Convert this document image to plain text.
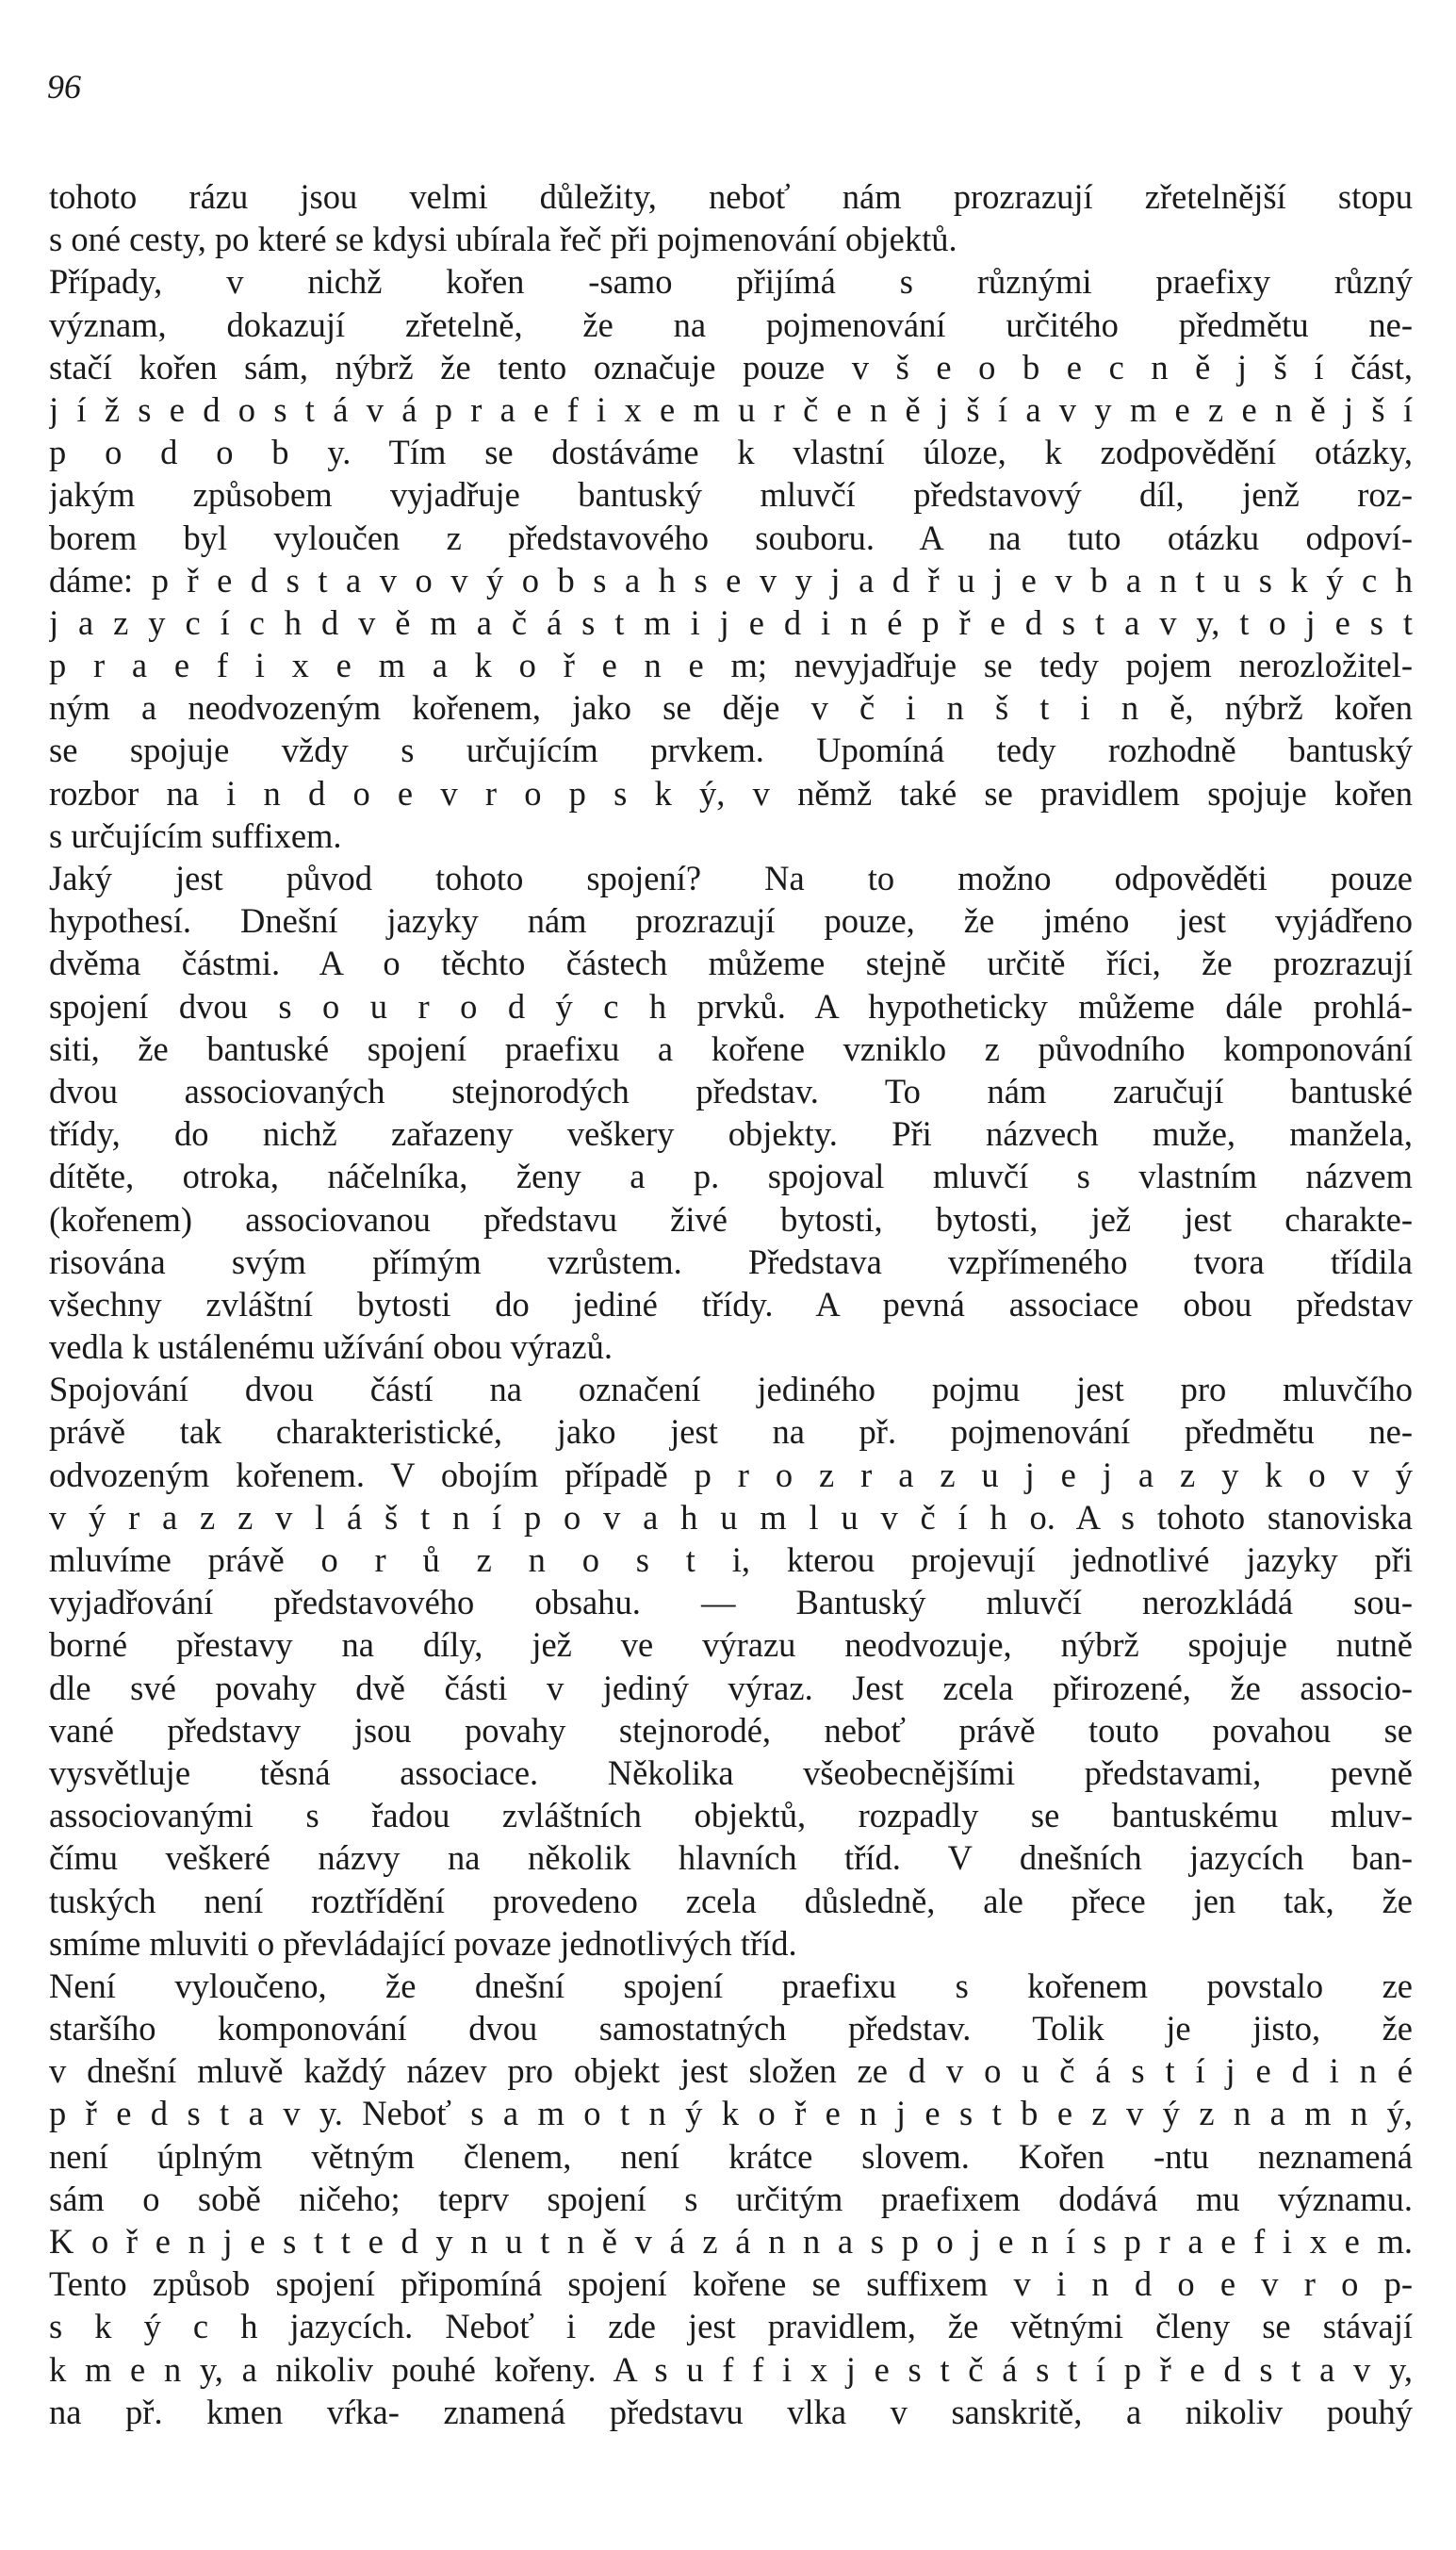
96
tohoto rázu jsou velmi důležity, neboť nám prozrazují zřetelnější stopu
s oné cesty, po které se kdysi ubírala řeč při pojmenování objektů.
Případy, v nichž kořen -samo přijímá s různými praefixy různý
význam, dokazují zřetelně, že na pojmenování určitého předmětu ne-
stačí kořen sám, nýbrž že tento označuje pouze v š e o b e c n ě j š í část,
j í ž s e d o s t á v á p r a e f i x e m u r č e n ě j š í a v y m e z e n ě j š í
p o d o b y. Tím se dostáváme k vlastní úloze, k zodpovědění otázky,
jakým způsobem vyjadřuje bantuský mluvčí představový díl, jenž roz-
borem byl vyloučen z představového souboru. A na tuto otázku odpoví-
dáme: p ř e d s t a v o v ý o b s a h s e v y j a d ř u j e v b a n t u s k ý c h
j a z y c í c h d v ě m a č á s t m i j e d i n é p ř e d s t a v y, t o j e s t
p r a e f i x e m a k o ř e n e m; nevyjadřuje se tedy pojem nerozložitel-
ným a neodvozeným kořenem, jako se děje v č i n š t i n ě, nýbrž kořen
se spojuje vždy s určujícím prvkem. Upomíná tedy rozhodně bantuský
rozbor na i n d o e v r o p s k ý, v němž také se pravidlem spojuje kořen
s určujícím suffixem.
Jaký jest původ tohoto spojení? Na to možno odpověděti pouze
hypothesí. Dnešní jazyky nám prozrazují pouze, že jméno jest vyjádřeno
dvěma částmi. A o těchto částech můžeme stejně určitě říci, že prozrazují
spojení dvou s o u r o d ý c h prvků. A hypotheticky můžeme dále prohlá-
siti, že bantuské spojení praefixu a kořene vzniklo z původního komponování
dvou associovaných stejnorodých představ. To nám zaručují bantuské
třídy, do nichž zařazeny veškery objekty. Při názvech muže, manžela,
dítěte, otroka, náčelníka, ženy a p. spojoval mluvčí s vlastním názvem
(kořenem) associovanou představu živé bytosti, bytosti, jež jest charakte-
risována svým přímým vzrůstem. Představa vzpřímeného tvora třídila
všechny zvláštní bytosti do jediné třídy. A pevná associace obou představ
vedla k ustálenému užívání obou výrazů.
Spojování dvou částí na označení jediného pojmu jest pro mluvčího
právě tak charakteristické, jako jest na př. pojmenování předmětu ne-
odvozeným kořenem. V obojím případě p r o z r a z u j e j a z y k o v ý
v ý r a z z v l á š t n í p o v a h u m l u v č í h o. A s tohoto stanoviska
mluvíme právě o r ů z n o s t i, kterou projevují jednotlivé jazyky při
vyjadřování představového obsahu. — Bantuský mluvčí nerozkládá sou-
borné přestavy na díly, jež ve výrazu neodvozuje, nýbrž spojuje nutně
dle své povahy dvě části v jediný výraz. Jest zcela přirozené, že associo-
vané představy jsou povahy stejnorodé, neboť právě touto povahou se
vysvětluje těsná associace. Několika všeobecnějšími představami, pevně
associovanými s řadou zvláštních objektů, rozpadly se bantuskému mluv-
čímu veškeré názvy na několik hlavních tříd. V dnešních jazycích ban-
tuských není roztřídění provedeno zcela důsledně, ale přece jen tak, že
smíme mluviti o převládající povaze jednotlivých tříd.
Není vyloučeno, že dnešní spojení praefixu s kořenem povstalo ze
staršího komponování dvou samostatných představ. Tolik je jisto, že
v dnešní mluvě každý název pro objekt jest složen ze d v o u č á s t í j e d i n é
p ř e d s t a v y. Neboť s a m o t n ý k o ř e n j e s t b e z v ý z n a m n ý,
není úplným větným členem, není krátce slovem. Kořen -ntu neznamená
sám o sobě ničeho; teprv spojení s určitým praefixem dodává mu významu.
K o ř e n j e s t t e d y n u t n ě v á z á n n a s p o j e n í s p r a e f i x e m.
Tento způsob spojení připomíná spojení kořene se suffixem v i n d o e v r o p-
s k ý c h jazycích. Neboť i zde jest pravidlem, že větnými členy se stávají
k m e n y, a nikoliv pouhé kořeny. A s u f f i x j e s t č á s t í p ř e d s t a v y,
na př. kmen vŕka- znamená představu vlka v sanskritě, a nikoliv pouhý
